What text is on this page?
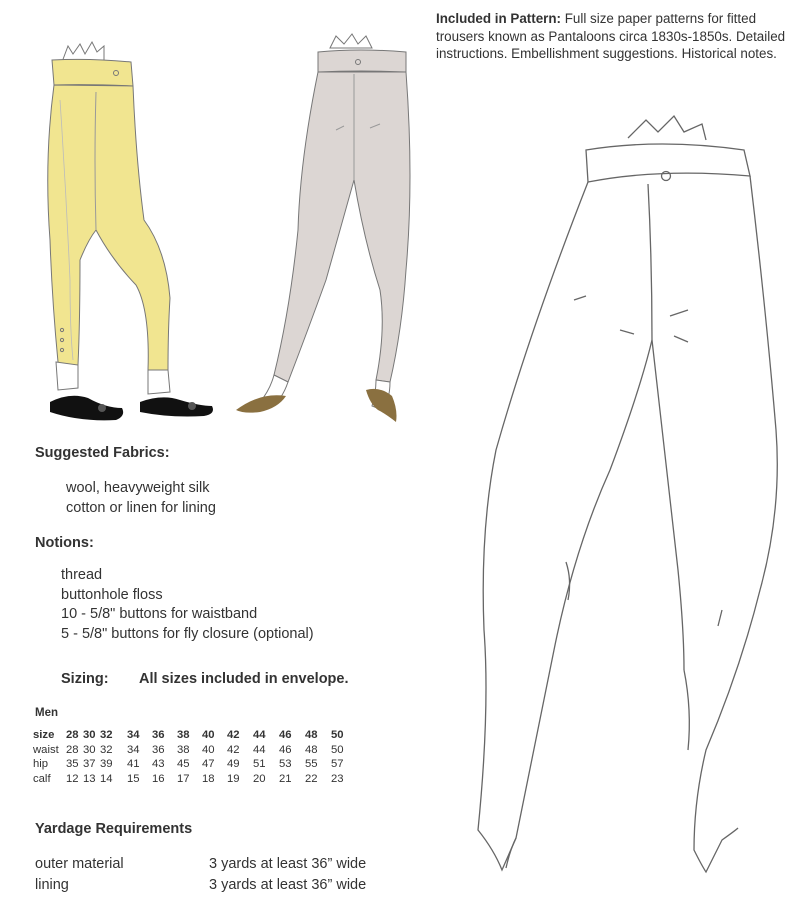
Included in Pattern: Full size paper patterns for fitted trousers known as Pantaloons circa 1830s-1850s. Detailed instructions. Embellishment suggestions. Historical notes.
Suggested Fabrics:
wool, heavyweight silk
cotton or linen for lining
Notions:
thread
buttonhole floss
10 - 5/8" buttons for waistband
5 - 5/8" buttons for fly closure (optional)
Sizing: All sizes included in envelope.
Men
size	28	30	32	34	36	38	40	42	44	46	48	50
waist	28	30	32	34	36	38	40	42	44	46	48	50
hip	35	37	39	41	43	45	47	49	51	53	55	57
calf	12	13	14	15	16	17	18	19	20	21	22	23
Yardage Requirements
outer material	3 yards at least 36” wide
lining	3 yards at least 36” wide
